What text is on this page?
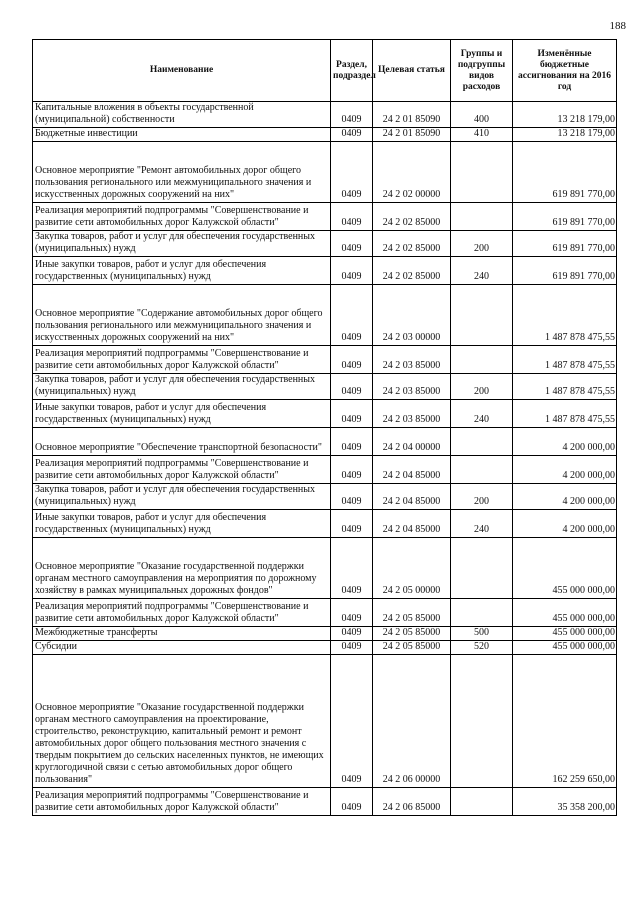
188
Наименование	Раздел, подраздел	Целевая статья	Группы и подгруппы видов расходов	Изменённые бюджетные ассигнования на 2016 год
Капитальные вложения в объекты государственной (муниципальной) собственности	0409	24 2 01 85090	400	13 218 179,00
Бюджетные инвестиции	0409	24 2 01 85090	410	13 218 179,00
Основное мероприятие "Ремонт автомобильных дорог общего пользования регионального или межмуниципального значения и искусственных дорожных сооружений на них"	0409	24 2 02 00000		619 891 770,00
Реализация мероприятий подпрограммы "Совершенствование и развитие сети автомобильных дорог Калужской области"	0409	24 2 02 85000		619 891 770,00
Закупка товаров, работ и услуг для обеспечения государственных (муниципальных) нужд	0409	24 2 02 85000	200	619 891 770,00
Иные закупки товаров, работ и услуг для обеспечения государственных (муниципальных) нужд	0409	24 2 02 85000	240	619 891 770,00
Основное мероприятие "Содержание автомобильных дорог общего пользования регионального или межмуниципального значения и искусственных дорожных сооружений на них"	0409	24 2 03 00000		1 487 878 475,55
Реализация мероприятий подпрограммы "Совершенствование и развитие сети автомобильных дорог Калужской области"	0409	24 2 03 85000		1 487 878 475,55
Закупка товаров, работ и услуг для обеспечения государственных (муниципальных) нужд	0409	24 2 03 85000	200	1 487 878 475,55
Иные закупки товаров, работ и услуг для обеспечения государственных (муниципальных) нужд	0409	24 2 03 85000	240	1 487 878 475,55
Основное мероприятие "Обеспечение транспортной безопасности"	0409	24 2 04 00000		4 200 000,00
Реализация мероприятий подпрограммы "Совершенствование и развитие сети автомобильных дорог Калужской области"	0409	24 2 04 85000		4 200 000,00
Закупка товаров, работ и услуг для обеспечения государственных (муниципальных) нужд	0409	24 2 04 85000	200	4 200 000,00
Иные закупки товаров, работ и услуг для обеспечения государственных (муниципальных) нужд	0409	24 2 04 85000	240	4 200 000,00
Основное мероприятие "Оказание государственной поддержки органам местного самоуправления на мероприятия по дорожному хозяйству в рамках муниципальных дорожных фондов"	0409	24 2 05 00000		455 000 000,00
Реализация мероприятий подпрограммы "Совершенствование и развитие сети автомобильных дорог Калужской области"	0409	24 2 05 85000		455 000 000,00
Межбюджетные трансферты	0409	24 2 05 85000	500	455 000 000,00
Субсидии	0409	24 2 05 85000	520	455 000 000,00
Основное мероприятие "Оказание государственной поддержки органам местного самоуправления на проектирование, строительство, реконструкцию, капитальный ремонт и ремонт автомобильных дорог общего пользования местного значения с твердым покрытием до сельских населенных пунктов, не имеющих круглогодичной связи с сетью автомобильных дорог общего пользования"	0409	24 2 06 00000		162 259 650,00
Реализация мероприятий подпрограммы "Совершенствование и развитие сети автомобильных дорог Калужской области"	0409	24 2 06 85000		35 358 200,00
